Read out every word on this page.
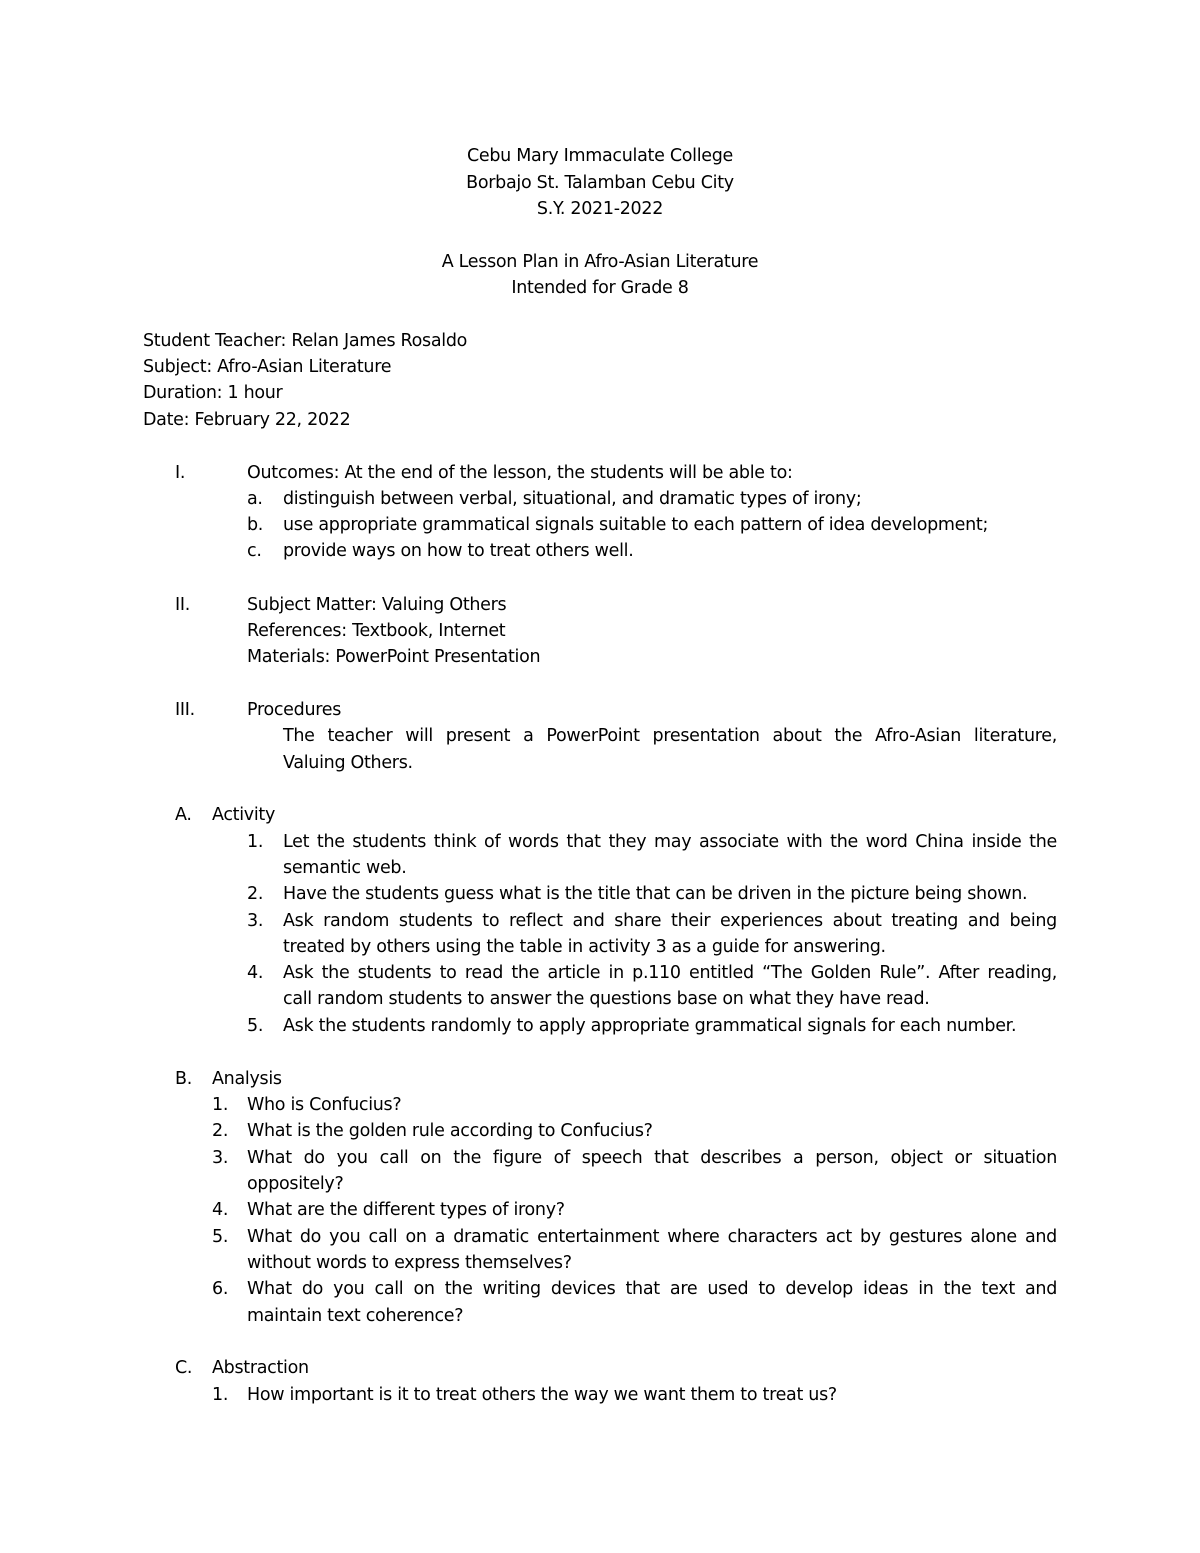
Cebu Mary Immaculate College
Borbajo St. Talamban Cebu City
S.Y. 2021-2022
A Lesson Plan in Afro-Asian Literature
Intended for Grade 8
Student Teacher: Relan James Rosaldo
Subject: Afro-Asian Literature
Duration: 1 hour
Date: February 22, 2022
I.	Outcomes: At the end of the lesson, the students will be able to:
a. distinguish between verbal, situational, and dramatic types of irony;
b. use appropriate grammatical signals suitable to each pattern of idea development;
c. provide ways on how to treat others well.
II.	Subject Matter: Valuing Others
References: Textbook, Internet
Materials: PowerPoint Presentation
III.	Procedures
The teacher will present a PowerPoint presentation about the Afro-Asian literature,
Valuing Others.
A. Activity
1. Let the students think of words that they may associate with the word China inside the
semantic web.
2. Have the students guess what is the title that can be driven in the picture being shown.
3. Ask random students to reflect and share their experiences about treating and being
treated by others using the table in activity 3 as a guide for answering.
4. Ask the students to read the article in p.110 entitled “The Golden Rule”. After reading,
call random students to answer the questions base on what they have read.
5. Ask the students randomly to apply appropriate grammatical signals for each number.
B. Analysis
1. Who is Confucius?
2. What is the golden rule according to Confucius?
3. What do you call on the figure of speech that describes a person, object or situation
oppositely?
4. What are the different types of irony?
5. What do you call on a dramatic entertainment where characters act by gestures alone and
without words to express themselves?
6. What do you call on the writing devices that are used to develop ideas in the text and
maintain text coherence?
C. Abstraction
1. How important is it to treat others the way we want them to treat us?
